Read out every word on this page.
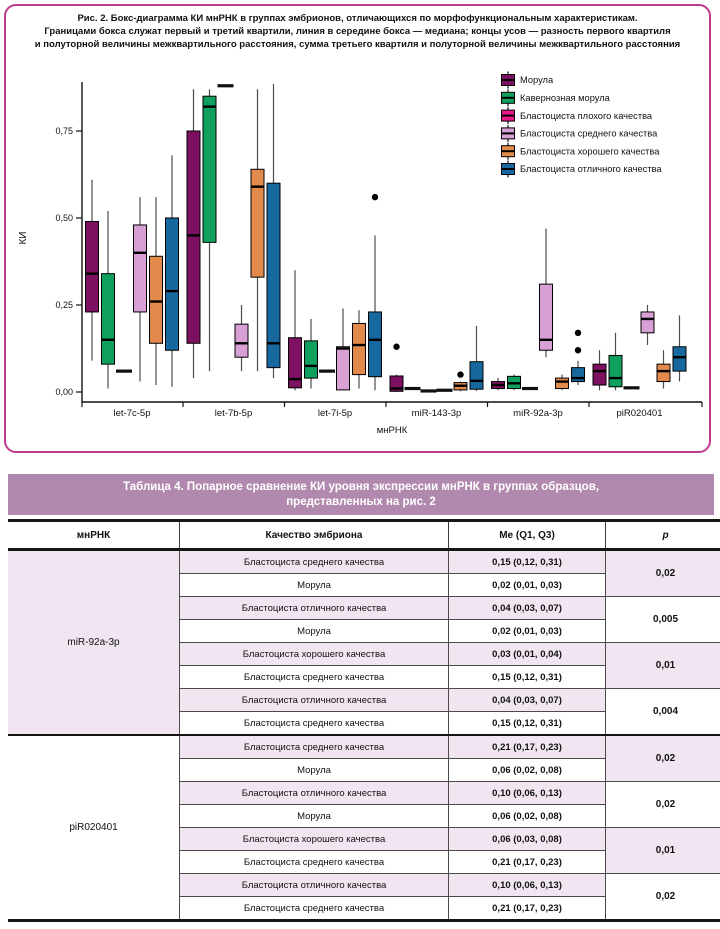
Рис. 2. Бокс-диаграмма КИ мнРНК в группах эмбрионов, отличающихся по морфофункциональным характеристикам.
Границами бокса служат первый и третий квартили, линия в середине бокса — медиана; концы усов — разность первого квартиля
и полуторной величины межквартильного расстояния, сумма третьего квартиля и полуторной величины межквартильного расстояния
0,00
0,25
0,50
0,75
КИ
let-7c-5p	let-7b-5p	let-7i-5p	miR-143-3p	miR-92a-3p	piR020401
мнРНК
Морула
Кавернозная морула
Бластоциста плохого качества
Бластоциста среднего качества
Бластоциста хорошего качества
Бластоциста отличного качества
Таблица 4. Попарное сравнение КИ уровня экспрессии мнРНК в группах образцов,
представленных на рис. 2
мнРНК	Качество эмбриона	Me (Q1, Q3)	p
miR-92a-3p	Бластоциста среднего качества	0,15 (0,12, 0,31)	0,02
	Морула	0,02 (0,01, 0,03)	
	Бластоциста отличного качества	0,04 (0,03, 0,07)	0,005
	Морула	0,02 (0,01, 0,03)	
	Бластоциста хорошего качества	0,03 (0,01, 0,04)	0,01
	Бластоциста среднего качества	0,15 (0,12, 0,31)	
	Бластоциста отличного качества	0,04 (0,03, 0,07)	0,004
	Бластоциста среднего качества	0,15 (0,12, 0,31)	
piR020401	Бластоциста среднего качества	0,21 (0,17, 0,23)	0,02
	Морула	0,06 (0,02, 0,08)	
	Бластоциста отличного качества	0,10 (0,06, 0,13)	0,02
	Морула	0,06 (0,02, 0,08)	
	Бластоциста хорошего качества	0,06 (0,03, 0,08)	0,01
	Бластоциста среднего качества	0,21 (0,17, 0,23)	
	Бластоциста отличного качества	0,10 (0,06, 0,13)	0,02
	Бластоциста среднего качества	0,21 (0,17, 0,23)	
